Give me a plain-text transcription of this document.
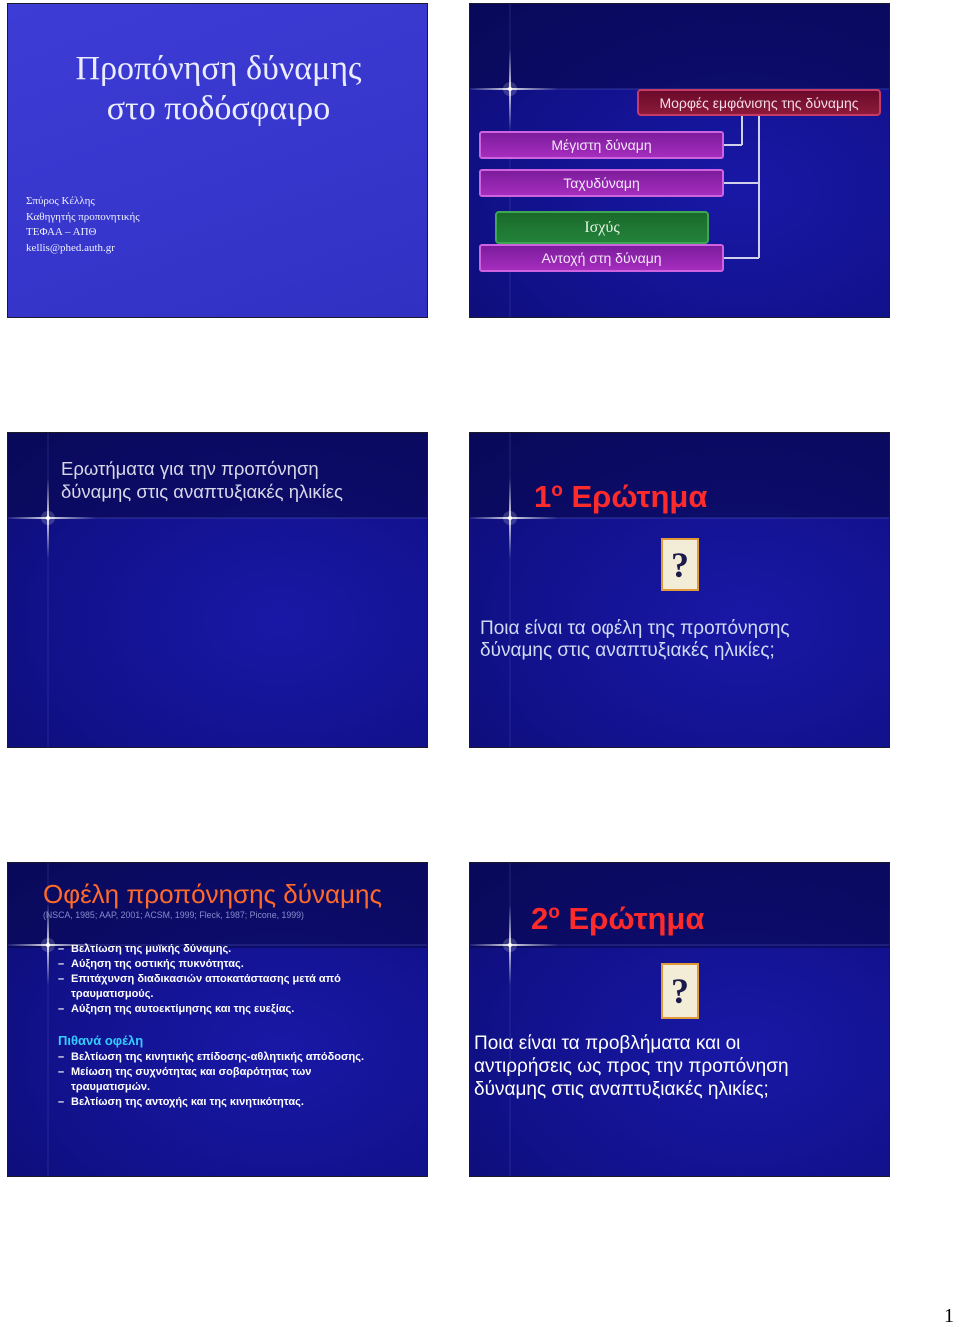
Προπόνηση δύναμης
στο ποδόσφαιρο
Σπύρος Κέλλης
Καθηγητής προπονητικής
ΤΕΦΑΑ – ΑΠΘ
kellis@phed.auth.gr
Μορφές εμφάνισης της δύναμης
Μέγιστη δύναμη
Ταχυδύναμη
Ισχύς
Αντοχή στη δύναμη
Ερωτήματα για την προπόνηση
δύναμης στις αναπτυξιακές ηλικίες	$1^o$ Ερώτημα
?
Ποια είναι τα οφέλη της προπόνησης
δύναμης στις αναπτυξιακές ηλικίες;
Οφέλη προπόνησης δύναμης
(NSCA, 1985; AAP, 2001; ACSM, 1999; Fleck, 1987; Picone, 1999)
– Βελτίωση της μυϊκής δύναμης.
– Αύξηση της οστικής πυκνότητας.
– Επιτάχυνση διαδικασιών αποκατάστασης μετά από
τραυματισμούς.
– Αύξηση της αυτοεκτίμησης και της ευεξίας.
Πιθανά οφέλη
– Βελτίωση της κινητικής επίδοσης-αθλητικής απόδοσης.
– Μείωση της συχνότητας και σοβαρότητας των
τραυματισμών.
– Βελτίωση της αντοχής και της κινητικότητας.
$2^o$ Ερώτημα
?
Ποια είναι τα προβλήματα και οι
αντιρρήσεις ως προς την προπόνηση
δύναμης στις αναπτυξιακές ηλικίες;
1
